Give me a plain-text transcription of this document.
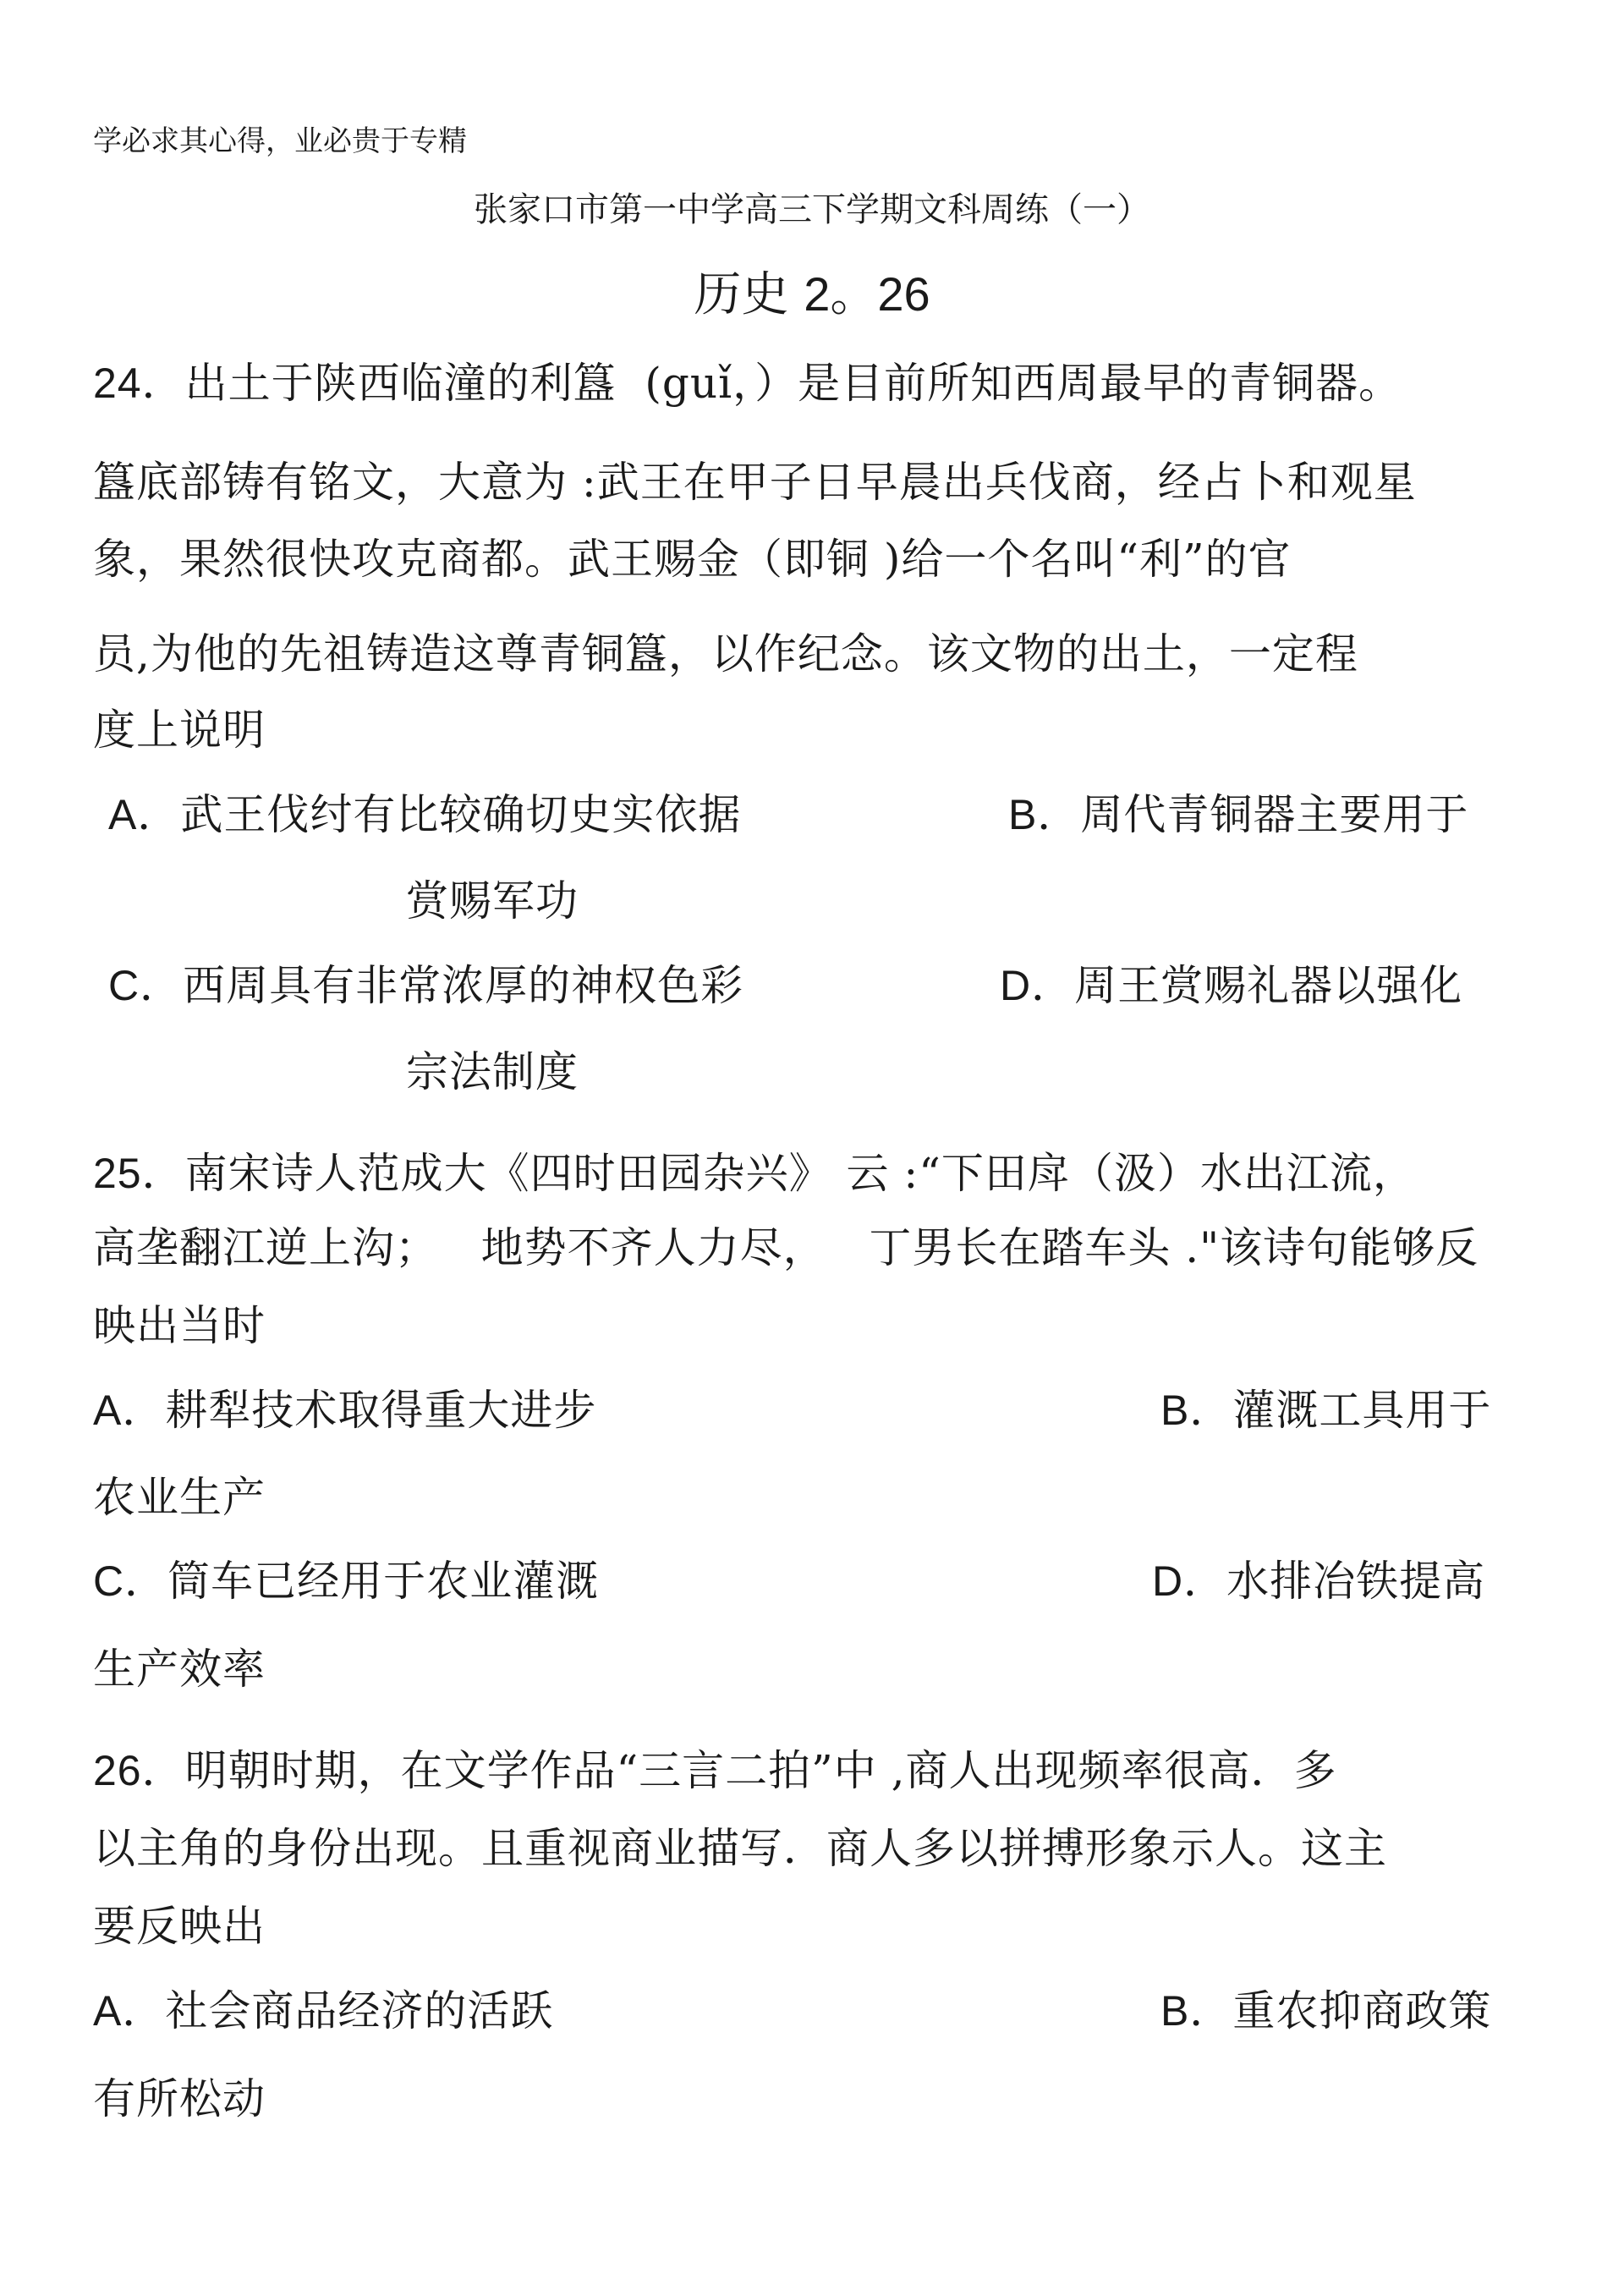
学必求其心得，业必贵于专精
张家口市第一中学高三下学期文科周练（一）
历史 2。26
24．出土于陕西临潼的利簋  (guǐ，）是目前所知西周最早的青铜器。
簋底部铸有铭文，大意为 :武王在甲子日早晨出兵伐商，经占卜和观星
象，果然很快攻克商都。武王赐金（即铜 )给一个名叫“利”的官
员,为他的先祖铸造这尊青铜簋，以作纪念。该文物的出土，一定程
度上说明
A．武王伐纣有比较确切史实依据	B．周代青铜器主要用于
赏赐军功
C．西周具有非常浓厚的神权色彩	D．周王赏赐礼器以强化
宗法制度
25．南宋诗人范成大《四时田园杂兴》 云 :“下田戽（汲）水出江流，
高垄翻江逆上沟；   地势不齐人力尽，   丁男长在踏车头 ."该诗句能够反
映出当时
A．耕犁技术取得重大进步	B．灌溉工具用于
农业生产
C．筒车已经用于农业灌溉	D．水排冶铁提高
生产效率
26．明朝时期，在文学作品“三言二拍”中 ,商人出现频率很高．多
以主角的身份出现。且重视商业描写．商人多以拼搏形象示人。这主
要反映出
A．社会商品经济的活跃	B．重农抑商政策
有所松动
